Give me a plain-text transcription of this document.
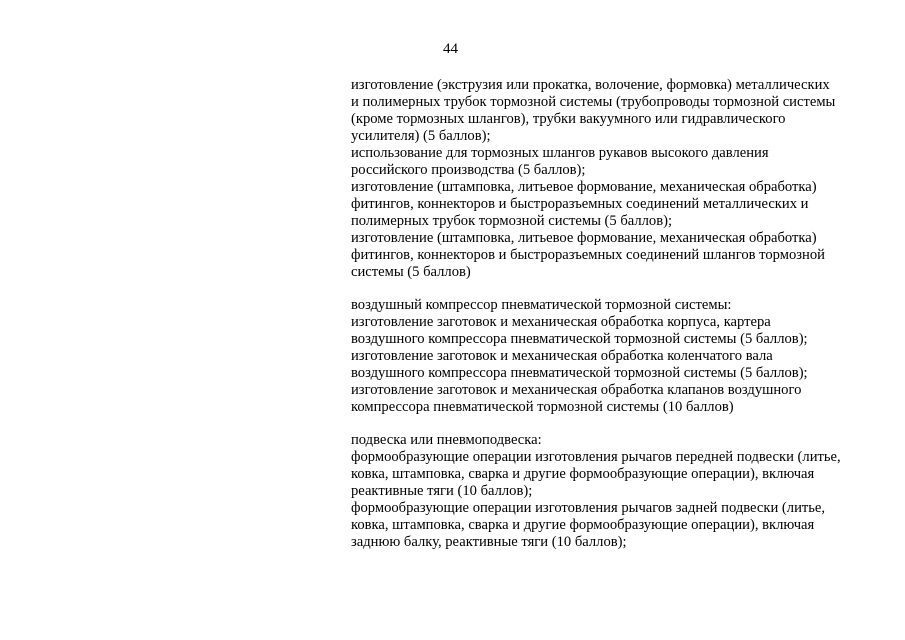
44

изготовление (экструзия или прокатка, волочение, формовка) металлических
и полимерных трубок тормозной системы (трубопроводы тормозной системы
(кроме тормозных шлангов), трубки вакуумного или гидравлического
усилителя) (5 баллов);
использование для тормозных шлангов рукавов высокого давления
российского производства (5 баллов);
изготовление (штамповка, литьевое формование, механическая обработка)
фитингов, коннекторов и быстроразъемных соединений металлических и
полимерных трубок тормозной системы (5 баллов);
изготовление (штамповка, литьевое формование, механическая обработка)
фитингов, коннекторов и быстроразъемных соединений шлангов тормозной
системы (5 баллов)
воздушный компрессор пневматической тормозной системы:
изготовление заготовок и механическая обработка корпуса, картера
воздушного компрессора пневматической тормозной системы (5 баллов);
изготовление заготовок и механическая обработка коленчатого вала
воздушного компрессора пневматической тормозной системы (5 баллов);
изготовление заготовок и механическая обработка клапанов воздушного
компрессора пневматической тормозной системы (10 баллов)
подвеска или пневмоподвеска:
формообразующие операции изготовления рычагов передней подвески (литье,
ковка, штамповка, сварка и другие формообразующие операции), включая
реактивные тяги (10 баллов);
формообразующие операции изготовления рычагов задней подвески (литье,
ковка, штамповка, сварка и другие формообразующие операции), включая
заднюю балку, реактивные тяги (10 баллов);
